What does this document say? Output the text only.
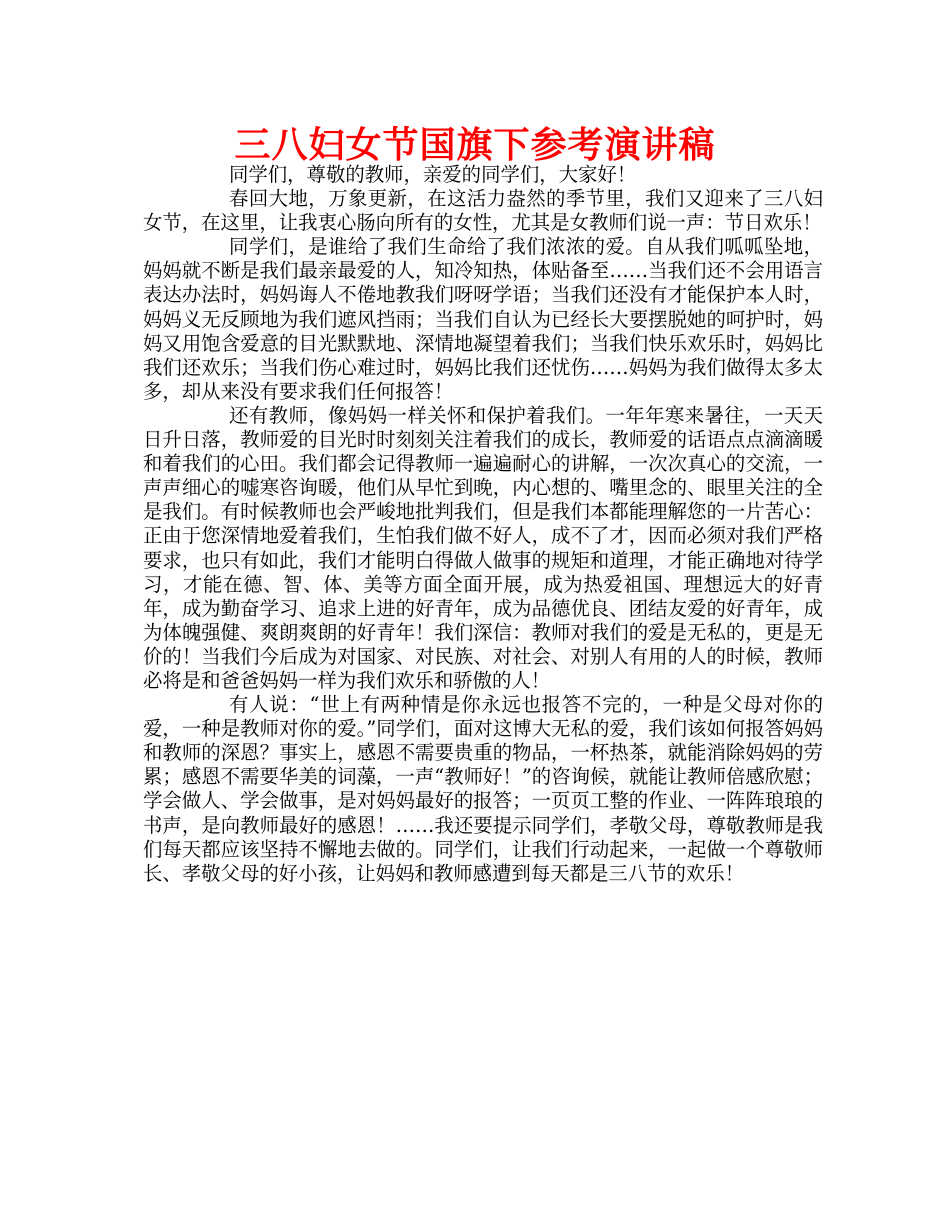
三八妇女节国旗下参考演讲稿

同学们，尊敬的教师，亲爱的同学们，大家好！

春回大地，万象更新，在这活力盎然的季节里，我们又迎来了三八妇女节，在这里，让我衷心肠向所有的女性，尤其是女教师们说一声：节日欢乐！

同学们，是谁给了我们生命给了我们浓浓的爱。自从我们呱呱坠地，妈妈就不断是我们最亲最爱的人，知冷知热，体贴备至……当我们还不会用语言表达办法时，妈妈诲人不倦地教我们呀呀学语；当我们还没有才能保护本人时，妈妈义无反顾地为我们遮风挡雨；当我们自认为已经长大要摆脱她的呵护时，妈妈又用饱含爱意的目光默默地、深情地凝望着我们；当我们快乐欢乐时，妈妈比我们还欢乐；当我们伤心难过时，妈妈比我们还忧伤……妈妈为我们做得太多太多，却从来没有要求我们任何报答！

还有教师，像妈妈一样关怀和保护着我们。一年年寒来暑往，一天天日升日落，教师爱的目光时时刻刻关注着我们的成长，教师爱的话语点点滴滴暖和着我们的心田。我们都会记得教师一遍遍耐心的讲解，一次次真心的交流，一声声细心的嘘寒咨询暖，他们从早忙到晚，内心想的、嘴里念的、眼里关注的全是我们。有时候教师也会严峻地批判我们，但是我们本都能理解您的一片苦心：正由于您深情地爱着我们，生怕我们做不好人，成不了才，因而必须对我们严格要求，也只有如此，我们才能明白得做人做事的规矩和道理，才能正确地对待学习，才能在德、智、体、美等方面全面开展，成为热爱祖国、理想远大的好青年，成为勤奋学习、追求上进的好青年，成为品德优良、团结友爱的好青年，成为体魄强健、爽朗爽朗的好青年！我们深信：教师对我们的爱是无私的，更是无价的！当我们今后成为对国家、对民族、对社会、对别人有用的人的时候，教师必将是和爸爸妈妈一样为我们欢乐和骄傲的人！

有人说：“世上有两种情是你永远也报答不完的，一种是父母对你的爱，一种是教师对你的爱。”同学们，面对这博大无私的爱，我们该如何报答妈妈和教师的深恩？事实上，感恩不需要贵重的物品，一杯热茶，就能消除妈妈的劳累；感恩不需要华美的词藻，一声“教师好！”的咨询候，就能让教师倍感欣慰；学会做人、学会做事，是对妈妈最好的报答；一页页工整的作业、一阵阵琅琅的书声，是向教师最好的感恩！……我还要提示同学们，孝敬父母，尊敬教师是我们每天都应该坚持不懈地去做的。同学们，让我们行动起来，一起做一个尊敬师长、孝敬父母的好小孩，让妈妈和教师感遭到每天都是三八节的欢乐！
